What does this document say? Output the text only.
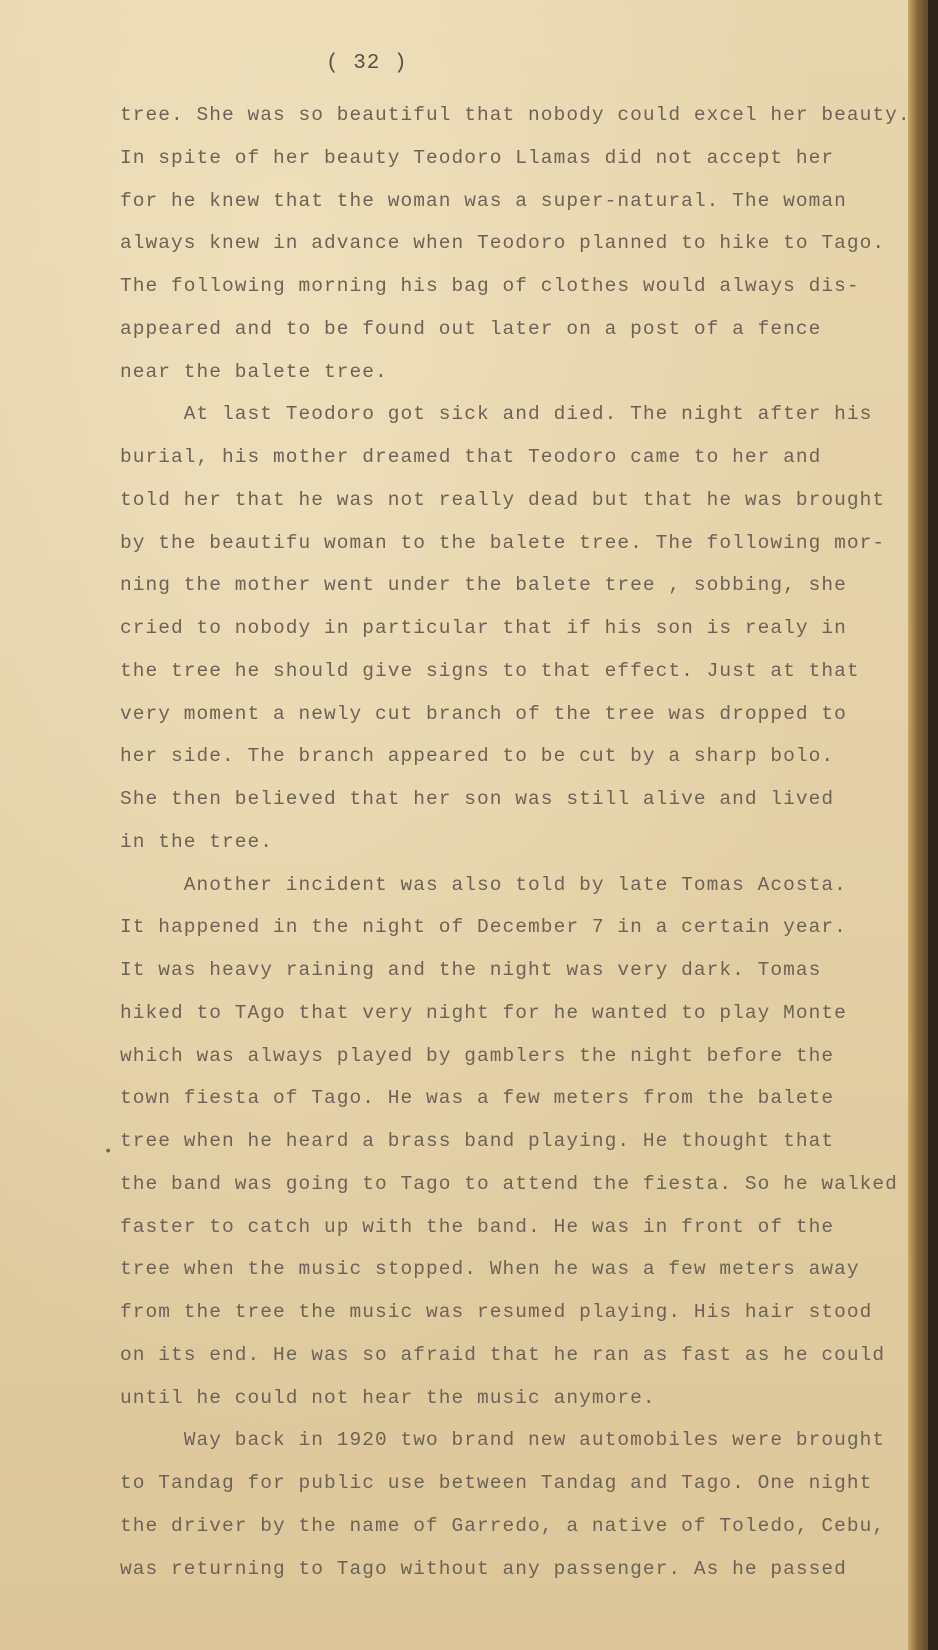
( 32 )
•
tree. She was so beautiful that nobody could excel her beauty.
In spite of her beauty Teodoro Llamas did not accept her
for he knew that the woman was a super-natural. The woman
always knew in advance when Teodoro planned to hike to Tago.
The following morning his bag of clothes would always dis-
appeared and to be found out later on a post of a fence
near the balete tree.
At last Teodoro got sick and died. The night after his
burial, his mother dreamed that Teodoro came to her and
told her that he was not really dead but that he was brought
by the beautifu woman to the balete tree. The following mor-
ning the mother went under the balete tree , sobbing, she
cried to nobody in particular that if his son is realy in
the tree he should give signs to that effect. Just at that
very moment a newly cut branch of the tree was dropped to
her side. The branch appeared to be cut by a sharp bolo.
She then believed that her son was still alive and lived
in the tree.
Another incident was also told by late Tomas Acosta.
It happened in the night of December 7 in a certain year.
It was heavy raining and the night was very dark. Tomas
hiked to TAgo that very night for he wanted to play Monte
which was always played by gamblers the night before the
town fiesta of Tago. He was a few meters from the balete
tree when he heard a brass band playing. He thought that
the band was going to Tago to attend the fiesta. So he walked
faster to catch up with the band. He was in front of the
tree when the music stopped. When he was a few meters away
from the tree the music was resumed playing. His hair stood
on its end. He was so afraid that he ran as fast as he could
until he could not hear the music anymore.
Way back in 1920 two brand new automobiles were brought
to Tandag for public use between Tandag and Tago. One night
the driver by the name of Garredo, a native of Toledo, Cebu,
was returning to Tago without any passenger. As he passed
